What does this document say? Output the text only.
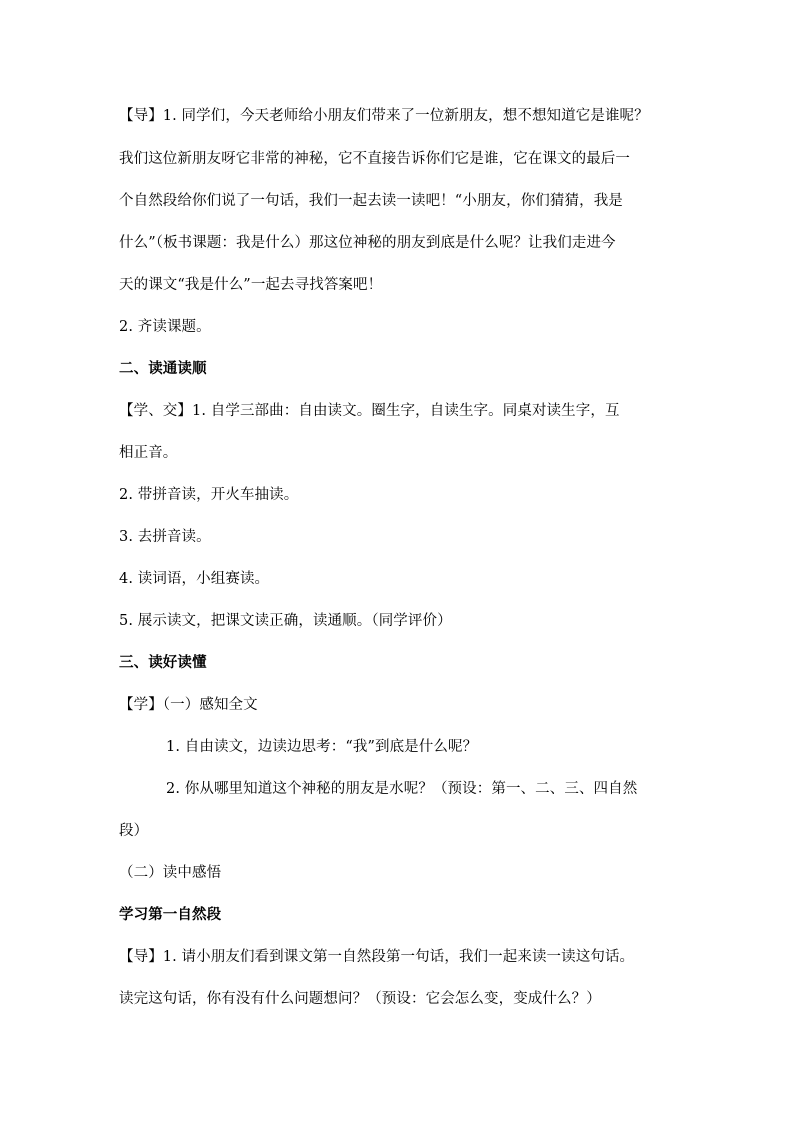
【导】1. 同学们，今天老师给小朋友们带来了一位新朋友，想不想知道它是谁呢？
我们这位新朋友呀它非常的神秘，它不直接告诉你们它是谁，它在课文的最后一
个自然段给你们说了一句话，我们一起去读一读吧！“小朋友，你们猜猜，我是
什么”（板书课题：我是什么）那这位神秘的朋友到底是什么呢？让我们走进今
天的课文“我是什么”一起去寻找答案吧！
2. 齐读课题。
二、读通读顺
【学、交】1. 自学三部曲：自由读文。圈生字，自读生字。同桌对读生字，互
相正音。
2. 带拼音读，开火车抽读。
3. 去拼音读。
4. 读词语，小组赛读。
5. 展示读文，把课文读正确，读通顺。（同学评价）
三、读好读懂
【学】（一）感知全文
1. 自由读文，边读边思考：“我”到底是什么呢？
2. 你从哪里知道这个神秘的朋友是水呢？（预设：第一、二、三、四自然
段）
（二）读中感悟
学习第一自然段
【导】1. 请小朋友们看到课文第一自然段第一句话，我们一起来读一读这句话。
读完这句话，你有没有什么问题想问？（预设：它会怎么变，变成什么？）
